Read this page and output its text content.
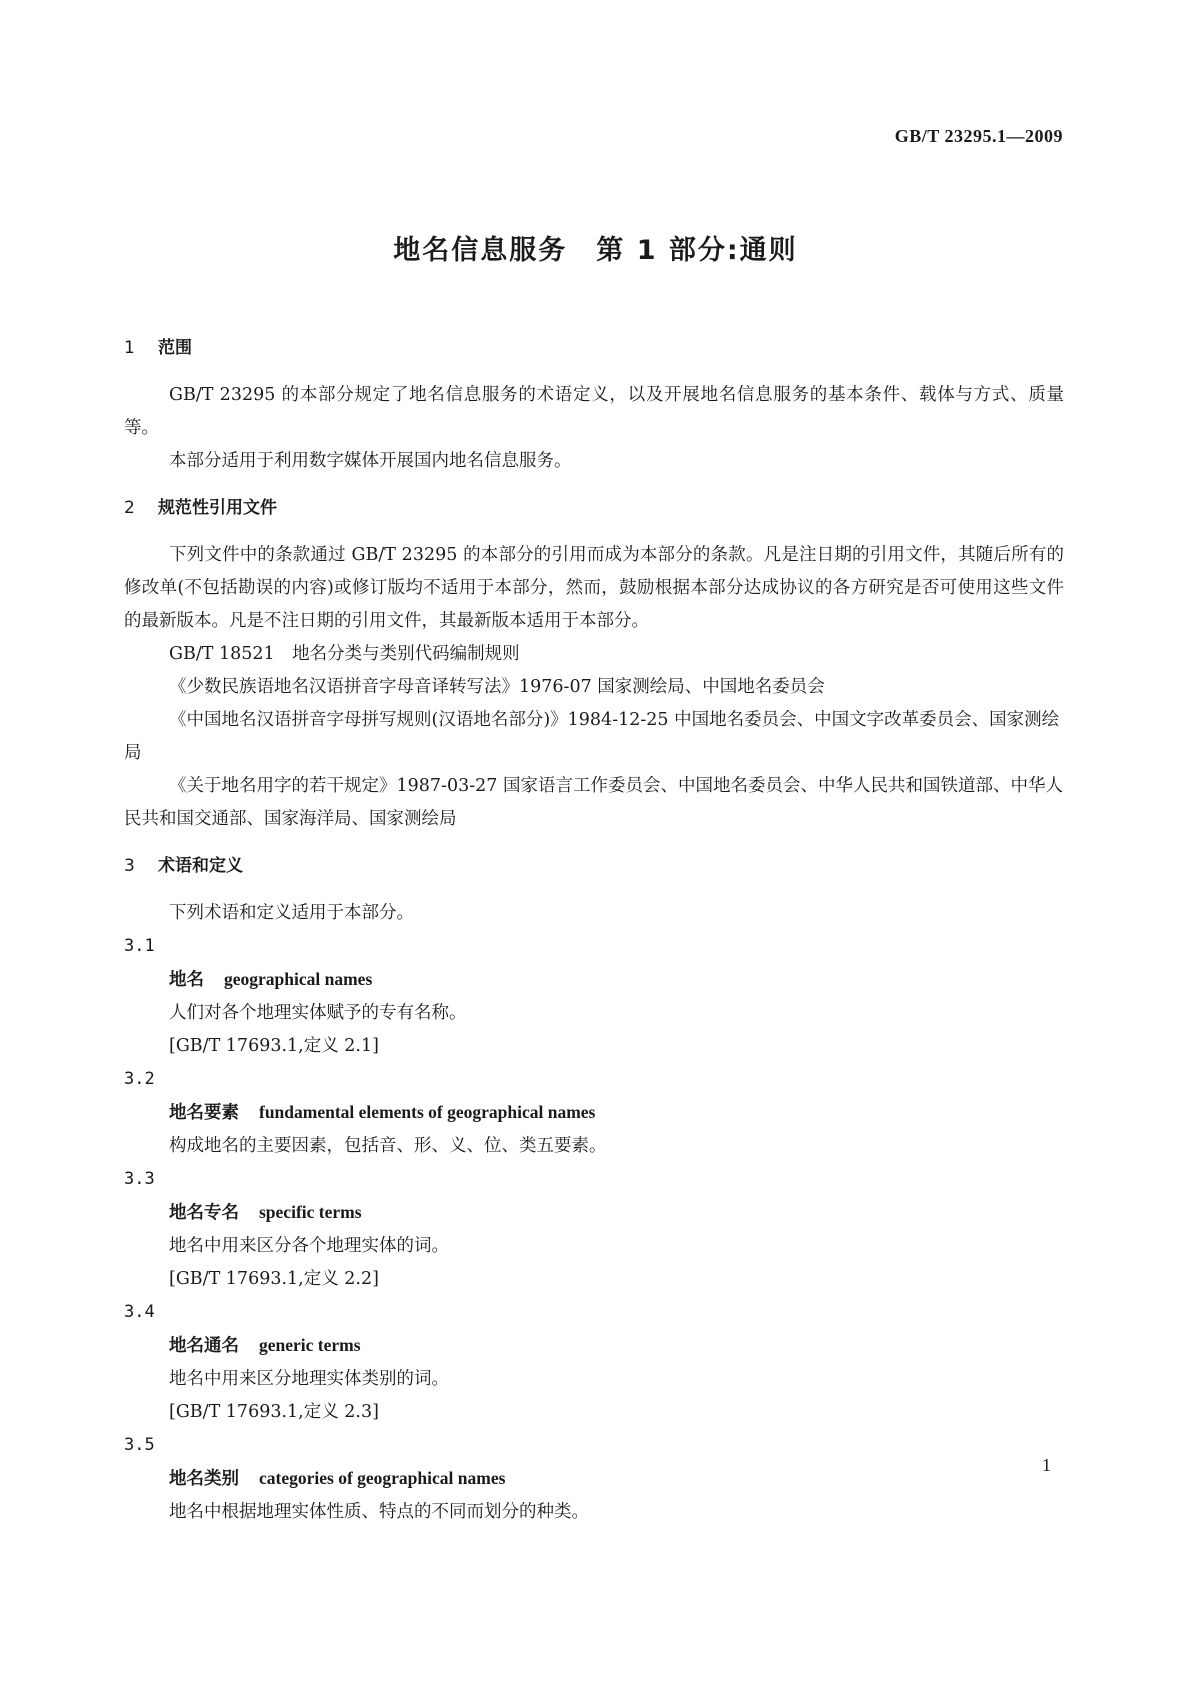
GB/T 23295.1—2009
地名信息服务　第 1 部分:通则
1 范围

GB/T 23295 的本部分规定了地名信息服务的术语定义，以及开展地名信息服务的基本条件、载体与方式、质量等。

本部分适用于利用数字媒体开展国内地名信息服务。

2 规范性引用文件

下列文件中的条款通过 GB/T 23295 的本部分的引用而成为本部分的条款。凡是注日期的引用文件，其随后所有的修改单(不包括勘误的内容)或修订版均不适用于本部分，然而，鼓励根据本部分达成协议的各方研究是否可使用这些文件的最新版本。凡是不注日期的引用文件，其最新版本适用于本部分。

GB/T 18521　地名分类与类别代码编制规则

《少数民族语地名汉语拼音字母音译转写法》1976-07 国家测绘局、中国地名委员会

《中国地名汉语拼音字母拼写规则(汉语地名部分)》1984-12-25 中国地名委员会、中国文字改革委员会、国家测绘局

《关于地名用字的若干规定》1987-03-27 国家语言工作委员会、中国地名委员会、中华人民共和国铁道部、中华人民共和国交通部、国家海洋局、国家测绘局

3 术语和定义

下列术语和定义适用于本部分。

3.1

地名 geographical names

人们对各个地理实体赋予的专有名称。

[GB/T 17693.1,定义 2.1]

3.2

地名要素 fundamental elements of geographical names

构成地名的主要因素，包括音、形、义、位、类五要素。

3.3

地名专名 specific terms

地名中用来区分各个地理实体的词。

[GB/T 17693.1,定义 2.2]

3.4

地名通名 generic terms

地名中用来区分地理实体类别的词。

[GB/T 17693.1,定义 2.3]

3.5

地名类别 categories of geographical names

地名中根据地理实体性质、特点的不同而划分的种类。

1
